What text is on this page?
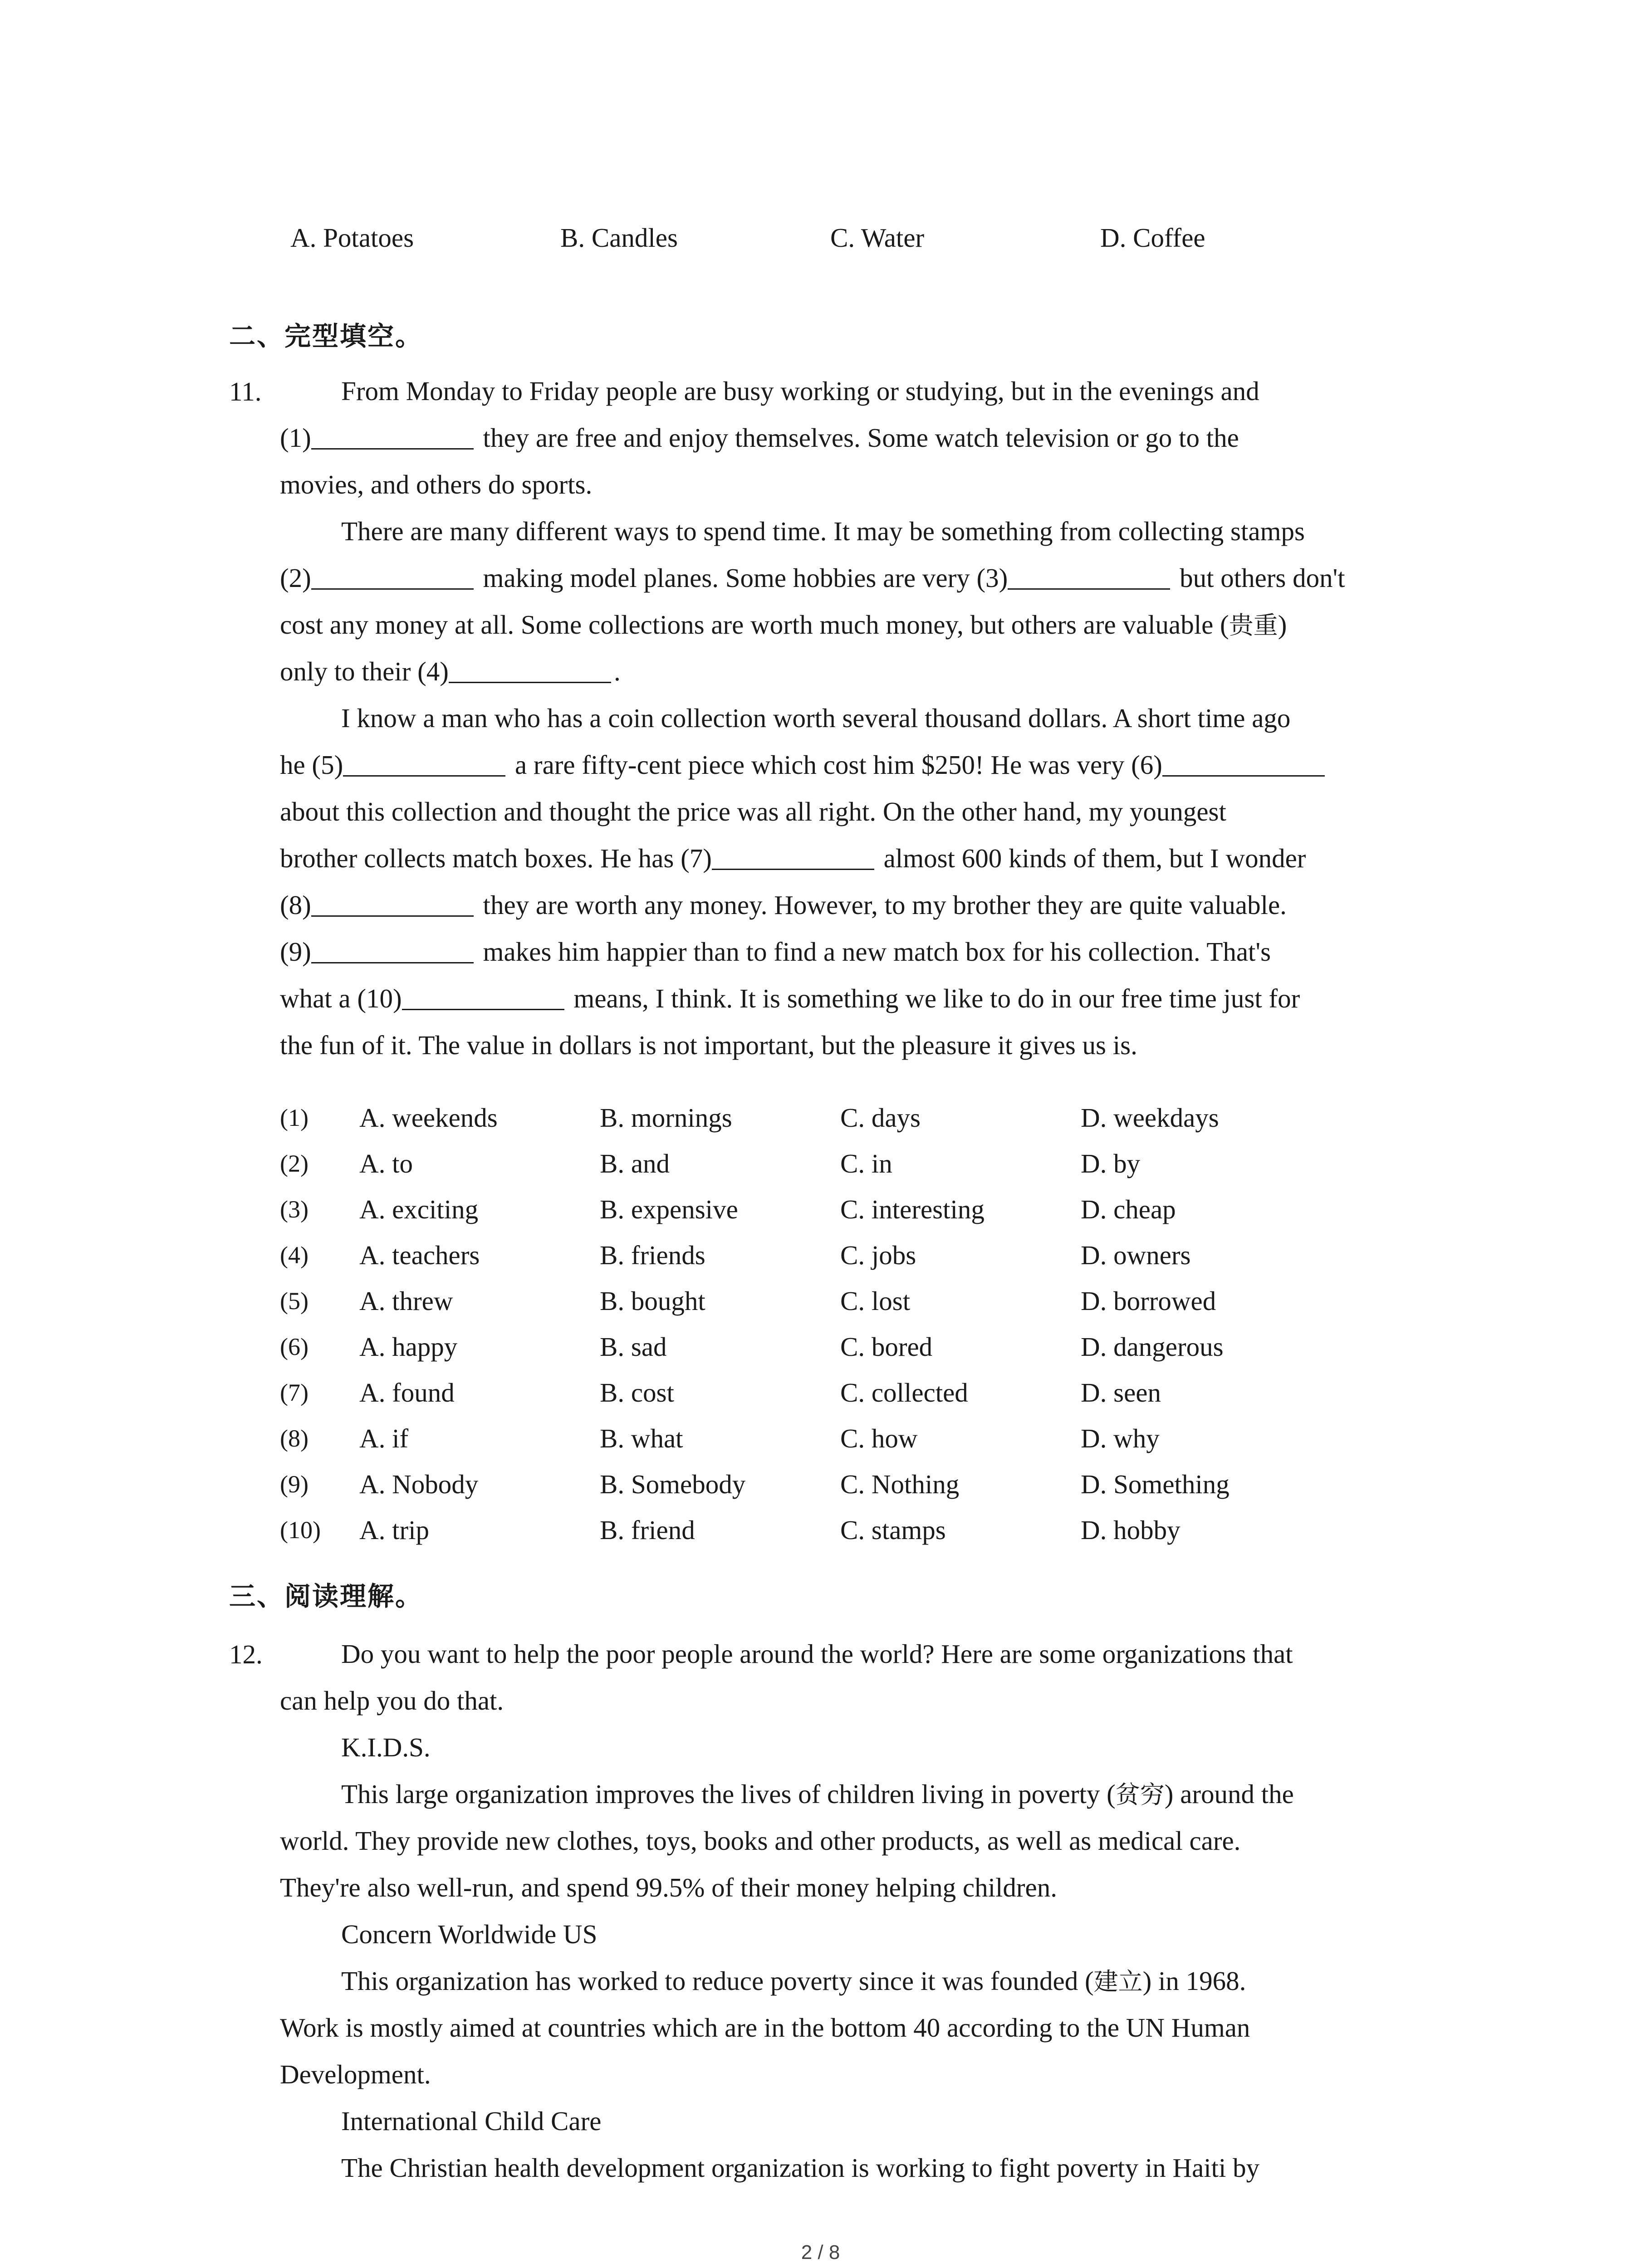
A. Potatoes	B. Candles	C. Water	D. Coffee
二、完型填空。
11.	From Monday to Friday people are busy working or studying, but in the evenings and
(1)	they are free and enjoy themselves. Some watch television or go to the
movies, and others do sports.
There are many different ways to spend time. It may be something from collecting stamps
(2)	making model planes. Some hobbies are very (3)	but others don't
cost any money at all. Some collections are worth much money, but others are valuable (贵重)
only to their (4)	.
I know a man who has a coin collection worth several thousand dollars. A short time ago
he (5)	a rare fifty-cent piece which cost him $250! He was very (6)
about this collection and thought the price was all right. On the other hand, my youngest
brother collects match boxes. He has (7)	almost 600 kinds of them, but I wonder
(8)	they are worth any money. However, to my brother they are quite valuable.
(9)	makes him happier than to find a new match box for his collection. That's
what a (10)	means, I think. It is something we like to do in our free time just for
the fun of it. The value in dollars is not important, but the pleasure it gives us is.
(1) A. weekends	B. mornings	C. days	D. weekdays
(2) A. to	B. and	C. in	D. by
(3) A. exciting	B. expensive	C. interesting	D. cheap
(4) A. teachers	B. friends	C. jobs	D. owners
(5) A. threw	B. bought	C. lost	D. borrowed
(6) A. happy	B. sad	C. bored	D. dangerous
(7) A. found	B. cost	C. collected	D. seen
(8) A. if	B. what	C. how	D. why
(9) A. Nobody	B. Somebody	C. Nothing	D. Something
(10) A. trip	B. friend	C. stamps	D. hobby
三、阅读理解。
12.	Do you want to help the poor people around the world? Here are some organizations that
can help you do that.
K.I.D.S.
This large organization improves the lives of children living in poverty (贫穷) around the
world. They provide new clothes, toys, books and other products, as well as medical care.
They're also well-run, and spend 99.5% of their money helping children.
Concern Worldwide US
This organization has worked to reduce poverty since it was founded (建立) in 1968.
Work is mostly aimed at countries which are in the bottom 40 according to the UN Human
Development.
International Child Care
The Christian health development organization is working to fight poverty in Haiti by
2 / 8
